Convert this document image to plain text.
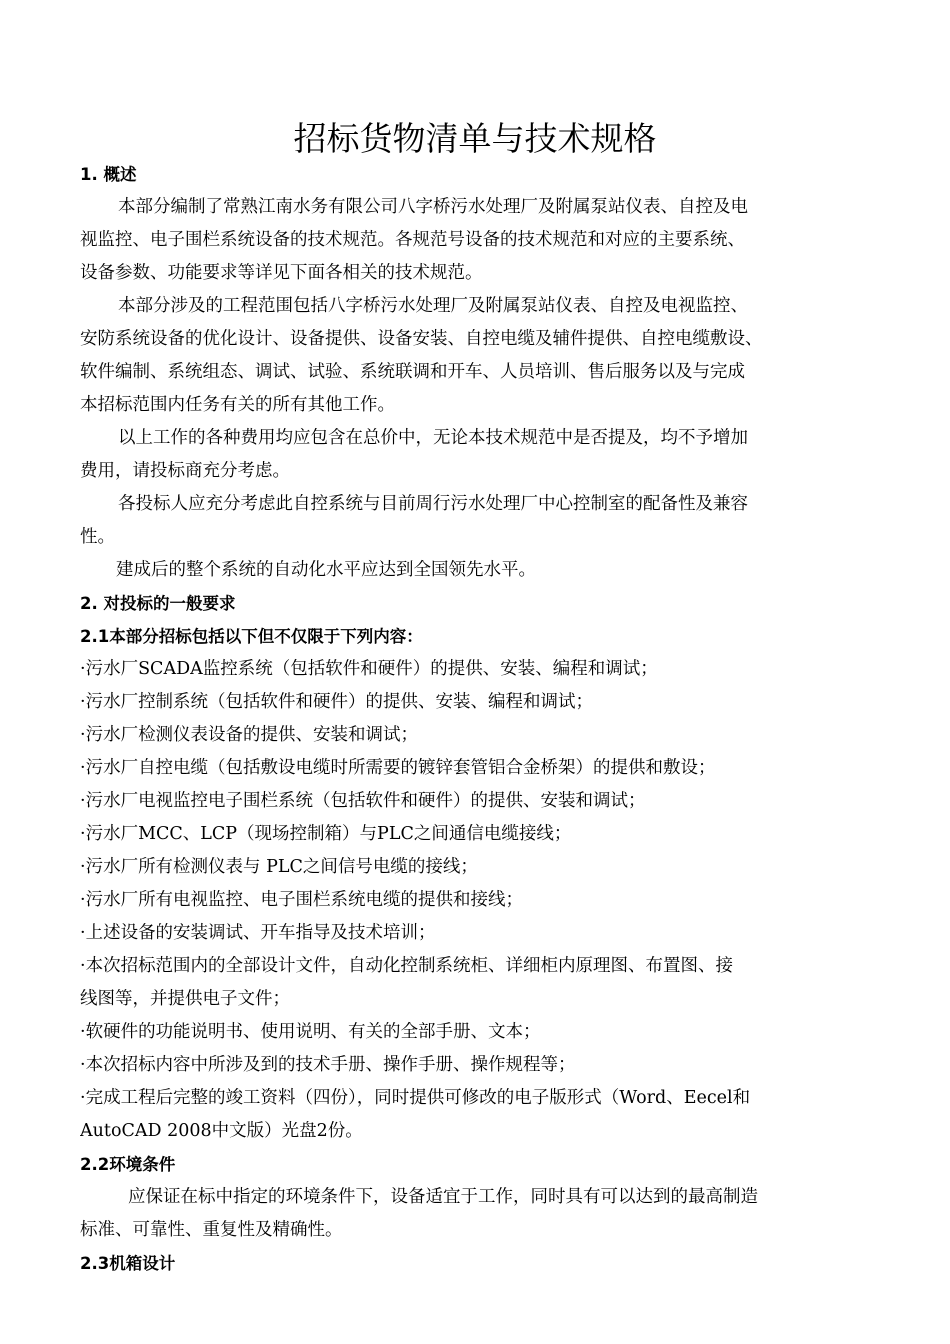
招标货物清单与技术规格
1. 概述
本部分编制了常熟江南水务有限公司八字桥污水处理厂及附属泵站仪表、自控及电
视监控、电子围栏系统设备的技术规范。各规范号设备的技术规范和对应的主要系统、
设备参数、功能要求等详见下面各相关的技术规范。
本部分涉及的工程范围包括八字桥污水处理厂及附属泵站仪表、自控及电视监控、
安防系统设备的优化设计、设备提供、设备安装、自控电缆及辅件提供、自控电缆敷设、
软件编制、系统组态、调试、试验、系统联调和开车、人员培训、售后服务以及与完成
本招标范围内任务有关的所有其他工作。
以上工作的各种费用均应包含在总价中，无论本技术规范中是否提及，均不予增加
费用，请投标商充分考虑。
各投标人应充分考虑此自控系统与目前周行污水处理厂中心控制室的配备性及兼容
性。
建成后的整个系统的自动化水平应达到全国领先水平。
2. 对投标的一般要求
2.1本部分招标包括以下但不仅限于下列内容：
·污水厂SCADA监控系统（包括软件和硬件）的提供、安装、编程和调试；
·污水厂控制系统（包括软件和硬件）的提供、安装、编程和调试；
·污水厂检测仪表设备的提供、安装和调试；
·污水厂自控电缆（包括敷设电缆时所需要的镀锌套管铝合金桥架）的提供和敷设；
·污水厂电视监控电子围栏系统（包括软件和硬件）的提供、安装和调试；
·污水厂MCC、LCP（现场控制箱）与PLC之间通信电缆接线；
·污水厂所有检测仪表与 PLC之间信号电缆的接线；
·污水厂所有电视监控、电子围栏系统电缆的提供和接线；
·上述设备的安装调试、开车指导及技术培训；
·本次招标范围内的全部设计文件，自动化控制系统柜、详细柜内原理图、布置图、接
线图等，并提供电子文件；
·软硬件的功能说明书、使用说明、有关的全部手册、文本；
·本次招标内容中所涉及到的技术手册、操作手册、操作规程等；
·完成工程后完整的竣工资料（四份），同时提供可修改的电子版形式（Word、Eecel和
AutoCAD 2008中文版）光盘2份。
2.2环境条件
应保证在标中指定的环境条件下，设备适宜于工作，同时具有可以达到的最高制造
标准、可靠性、重复性及精确性。
2.3机箱设计
